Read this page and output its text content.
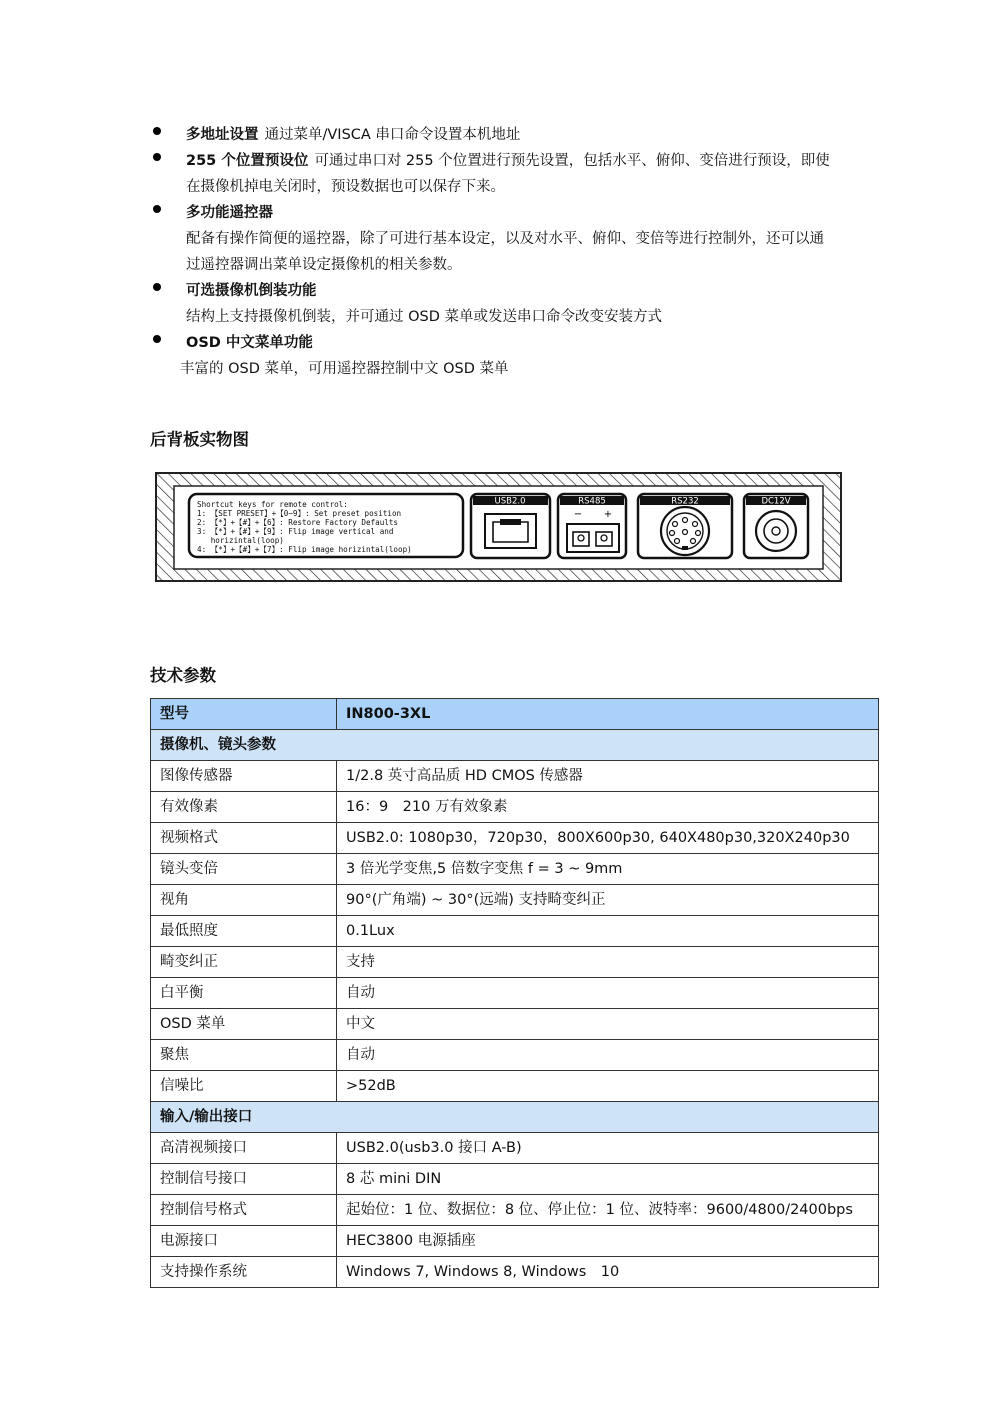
多地址设置 通过菜单/VISCA 串口命令设置本机地址
255 个位置预设位 可通过串口对 255 个位置进行预先设置，包括水平、俯仰、变倍进行预设，即使
在摄像机掉电关闭时，预设数据也可以保存下来。
多功能遥控器
配备有操作简便的遥控器，除了可进行基本设定，以及对水平、俯仰、变倍等进行控制外，还可以通
过遥控器调出菜单设定摄像机的相关参数。
可选摄像机倒装功能
结构上支持摄像机倒装，并可通过 OSD 菜单或发送串口命令改变安装方式
OSD 中文菜单功能
丰富的 OSD 菜单，可用遥控器控制中文 OSD 菜单
后背板实物图
Shortcut keys for remote control:
1: 【SET PRESET】+【0~9】: Set preset position
2: 【*】+【#】+【6】: Restore Factory Defaults
3: 【*】+【#】+【9】: Flip image vertical and
horizintal(loop)
4: 【*】+【#】+【7】: Flip image horizintal(loop)
USB2.0	RS485
− +
RS232	DC12V
技术参数
型号	IN800-3XL
摄像机、镜头参数	
图像传感器	1/2.8 英寸高品质 HD CMOS 传感器
有效像素	16：9　210 万有效象素
视频格式	USB2.0: 1080p30，720p30，800X600p30, 640X480p30,320X240p30
镜头变倍	3 倍光学变焦,5 倍数字变焦 f = 3 ~ 9mm
视角	90°(广角端) ~ 30°(远端) 支持畸变纠正
最低照度	0.1Lux
畸变纠正	支持
白平衡	自动
OSD 菜单	中文
聚焦	自动
信噪比	>52dB
输入/输出接口	
高清视频接口	USB2.0(usb3.0 接口 A-B)
控制信号接口	8 芯 mini DIN
控制信号格式	起始位：1 位、数据位：8 位、停止位：1 位、波特率：9600/4800/2400bps
电源接口	HEC3800 电源插座
支持操作系统	Windows 7, Windows 8, Windows　10
